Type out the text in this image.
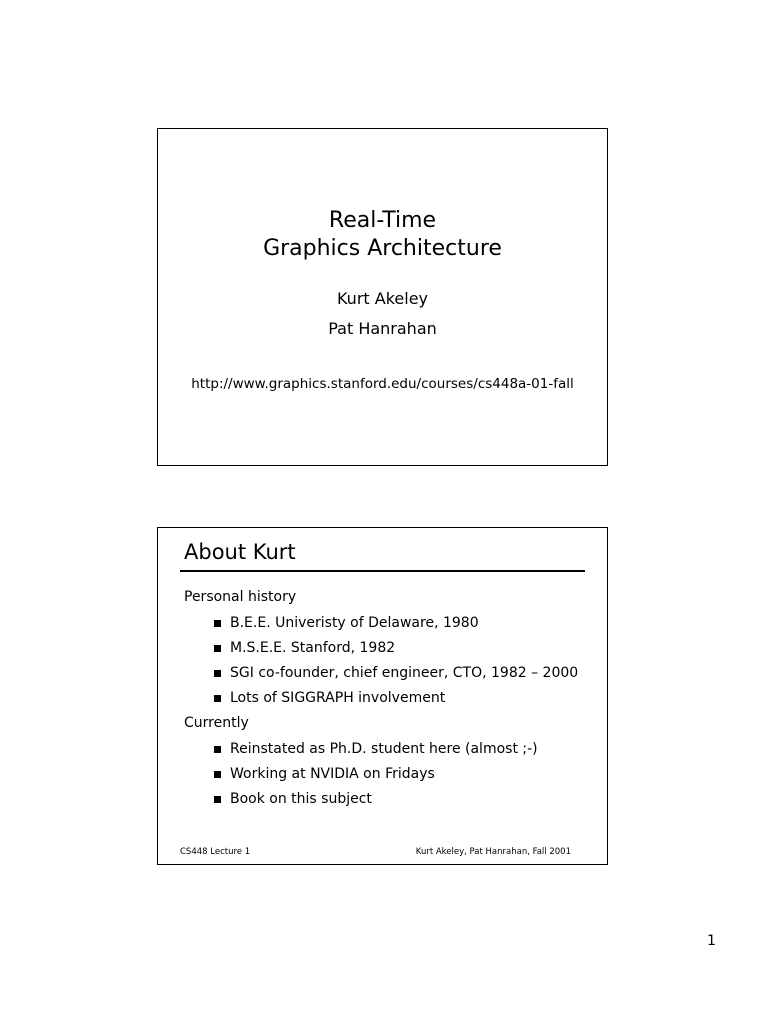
Real-Time
Graphics Architecture
Kurt Akeley
Pat Hanrahan
http://www.graphics.stanford.edu/courses/cs448a-01-fall
About Kurt
Personal history
B.E.E. Univeristy of Delaware, 1980
M.S.E.E. Stanford, 1982
SGI co-founder, chief engineer, CTO, 1982 – 2000
Lots of SIGGRAPH involvement
Currently
Reinstated as Ph.D. student here (almost ;-)
Working at NVIDIA on Fridays
Book on this subject
CS448 Lecture 1	Kurt Akeley, Pat Hanrahan, Fall 2001
1
